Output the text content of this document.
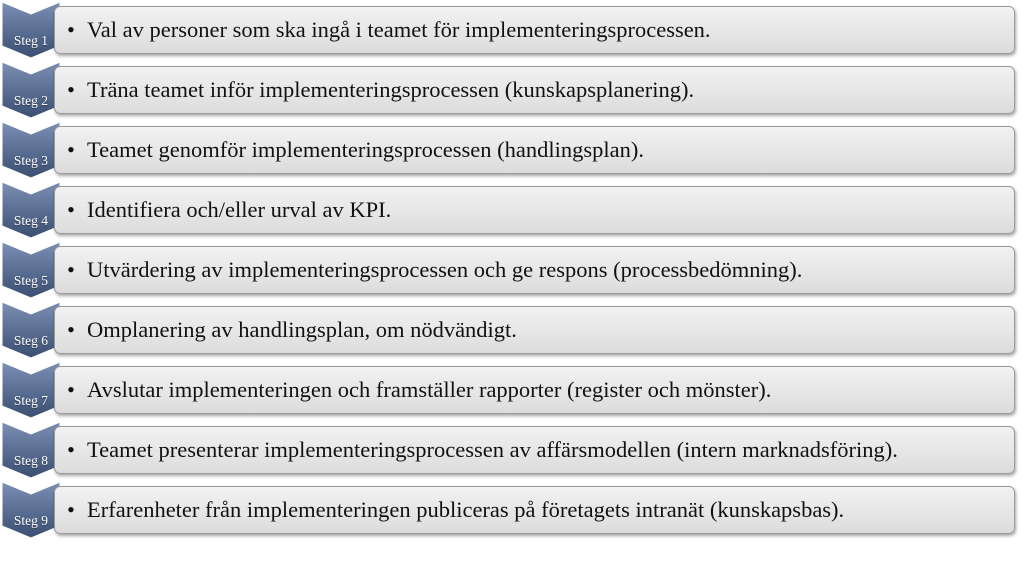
Steg 1
Steg 2
Steg 3
Steg 4
Steg 5
Steg 6
Steg 7
Steg 8
Steg 9
• Val av personer som ska ingå i teamet för implementeringsprocessen.
• Träna teamet inför implementeringsprocessen (kunskapsplanering).
• Teamet genomför implementeringsprocessen (handlingsplan).
• Identifiera och/eller urval av KPI.
• Utvärdering av implementeringsprocessen och ge respons (processbedömning).
• Omplanering av handlingsplan, om nödvändigt.
• Avslutar implementeringen och framställer rapporter (register och mönster).
• Teamet presenterar implementeringsprocessen av affärsmodellen (intern marknadsföring).
• Erfarenheter från implementeringen publiceras på företagets intranät (kunskapsbas).
